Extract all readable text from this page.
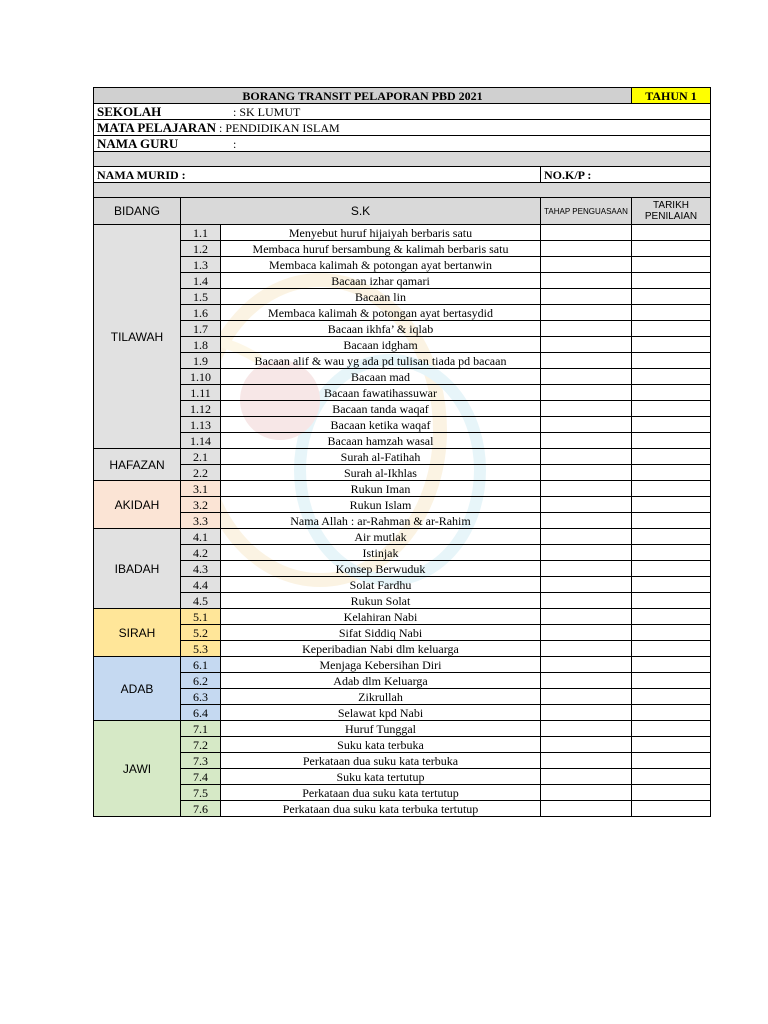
BORANG TRANSIT PELAPORAN PBD 2021				TAHUN 1
SEKOLAH : SK LUMUT				
MATA PELAJARAN : PENDIDIKAN ISLAM				
NAMA GURU :				

NAMA MURID :			NO.K/P :	

BIDANG	S.K		TAHAP PENGUASAAN	TARIKH PENILAIAN
TILAWAH	1.1	Menyebut huruf hijaiyah berbaris satu		
	1.2	Membaca huruf bersambung & kalimah berbaris satu		
	1.3	Membaca kalimah & potongan ayat bertanwin		
	1.4	Bacaan izhar qamari		
	1.5	Bacaan lin		
	1.6	Membaca kalimah & potongan ayat bertasydid		
	1.7	Bacaan ikhfa’ & iqlab		
	1.8	Bacaan idgham		
	1.9	Bacaan alif & wau yg ada pd tulisan tiada pd bacaan		
	1.10	Bacaan mad		
	1.11	Bacaan fawatihassuwar		
	1.12	Bacaan tanda waqaf		
	1.13	Bacaan ketika waqaf		
	1.14	Bacaan hamzah wasal		
HAFAZAN	2.1	Surah al-Fatihah		
	2.2	Surah al-Ikhlas		
AKIDAH	3.1	Rukun Iman		
	3.2	Rukun Islam		
	3.3	Nama Allah : ar-Rahman & ar-Rahim		
IBADAH	4.1	Air mutlak		
	4.2	Istinjak		
	4.3	Konsep Berwuduk		
	4.4	Solat Fardhu		
	4.5	Rukun Solat		
SIRAH	5.1	Kelahiran Nabi		
	5.2	Sifat Siddiq Nabi		
	5.3	Keperibadian Nabi dlm keluarga		
ADAB	6.1	Menjaga Kebersihan Diri		
	6.2	Adab dlm Keluarga		
	6.3	Zikrullah		
	6.4	Selawat kpd Nabi		
JAWI	7.1	Huruf Tunggal		
	7.2	Suku kata terbuka		
	7.3	Perkataan dua suku kata terbuka		
	7.4	Suku kata tertutup		
	7.5	Perkataan dua suku kata tertutup		
	7.6	Perkataan dua suku kata terbuka tertutup		
